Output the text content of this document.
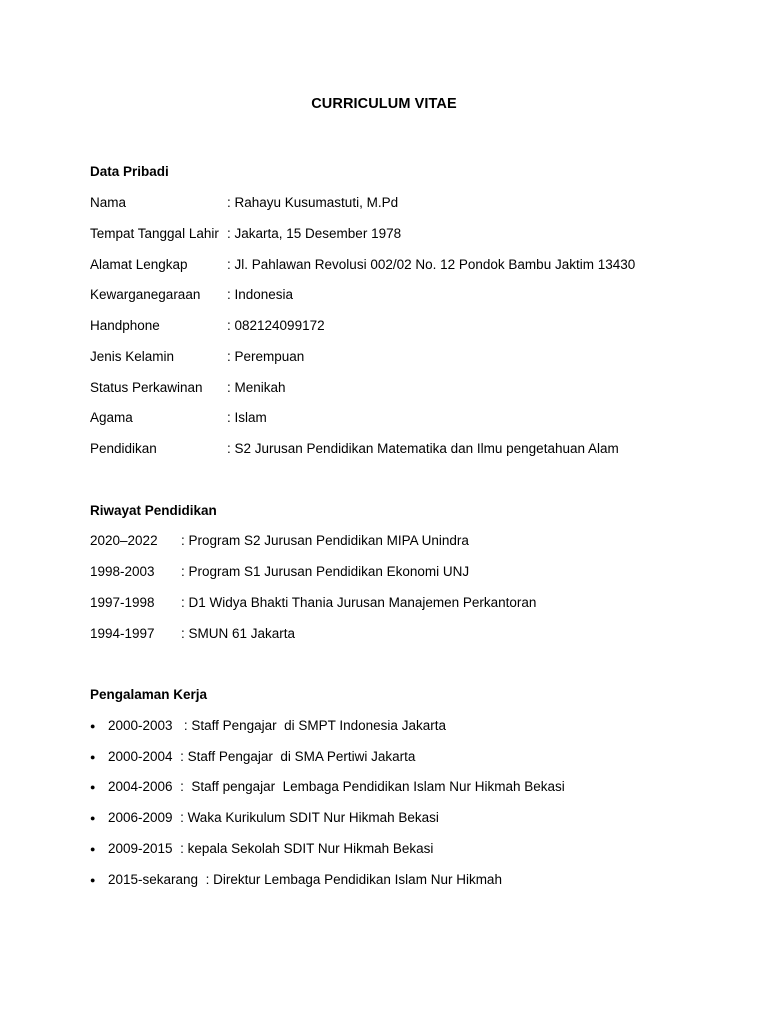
CURRICULUM VITAE
Data Pribadi
Nama	: Rahayu Kusumastuti, M.Pd
Tempat Tanggal Lahir : Jakarta, 15 Desember 1978
Alamat Lengkap	: Jl. Pahlawan Revolusi 002/02 No. 12 Pondok Bambu Jaktim 13430
Kewarganegaraan : Indonesia
Handphone	: 082124099172
Jenis Kelamin	: Perempuan
Status Perkawinan : Menikah
Agama	: Islam
Pendidikan	: S2 Jurusan Pendidikan Matematika dan Ilmu pengetahuan Alam
Riwayat Pendidikan
2020–2022 : Program S2 Jurusan Pendidikan MIPA Unindra
1998-2003 : Program S1 Jurusan Pendidikan Ekonomi UNJ
1997-1998 : D1 Widya Bhakti Thania Jurusan Manajemen Perkantoran
1994-1997 : SMUN 61 Jakarta
Pengalaman Kerja
● 2000-2003   : Staff Pengajar  di SMPT Indonesia Jakarta
● 2000-2004  : Staff Pengajar  di SMA Pertiwi Jakarta
● 2004-2006  :  Staff pengajar  Lembaga Pendidikan Islam Nur Hikmah Bekasi
● 2006-2009  : Waka Kurikulum SDIT Nur Hikmah Bekasi
● 2009-2015  : kepala Sekolah SDIT Nur Hikmah Bekasi
● 2015-sekarang  : Direktur Lembaga Pendidikan Islam Nur Hikmah
